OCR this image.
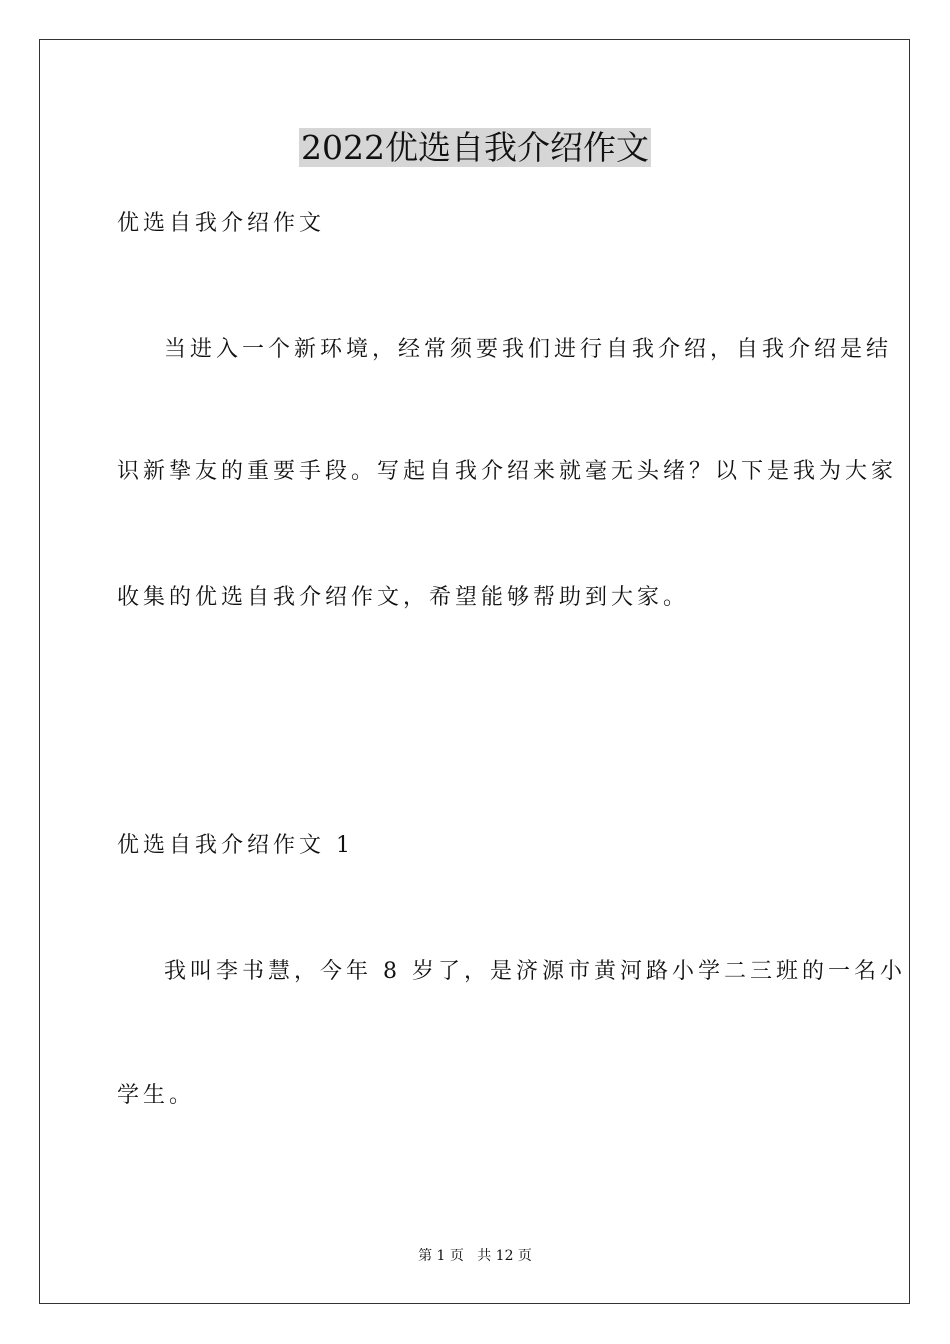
2022优选自我介绍作文
优选自我介绍作文
当进入一个新环境，经常须要我们进行自我介绍，自我介绍是结
识新挚友的重要手段。写起自我介绍来就毫无头绪？以下是我为大家
收集的优选自我介绍作文，希望能够帮助到大家。
优选自我介绍作文 1
我叫李书慧，今年 8 岁了，是济源市黄河路小学二三班的一名小
学生。
第 1 页   共 12 页
